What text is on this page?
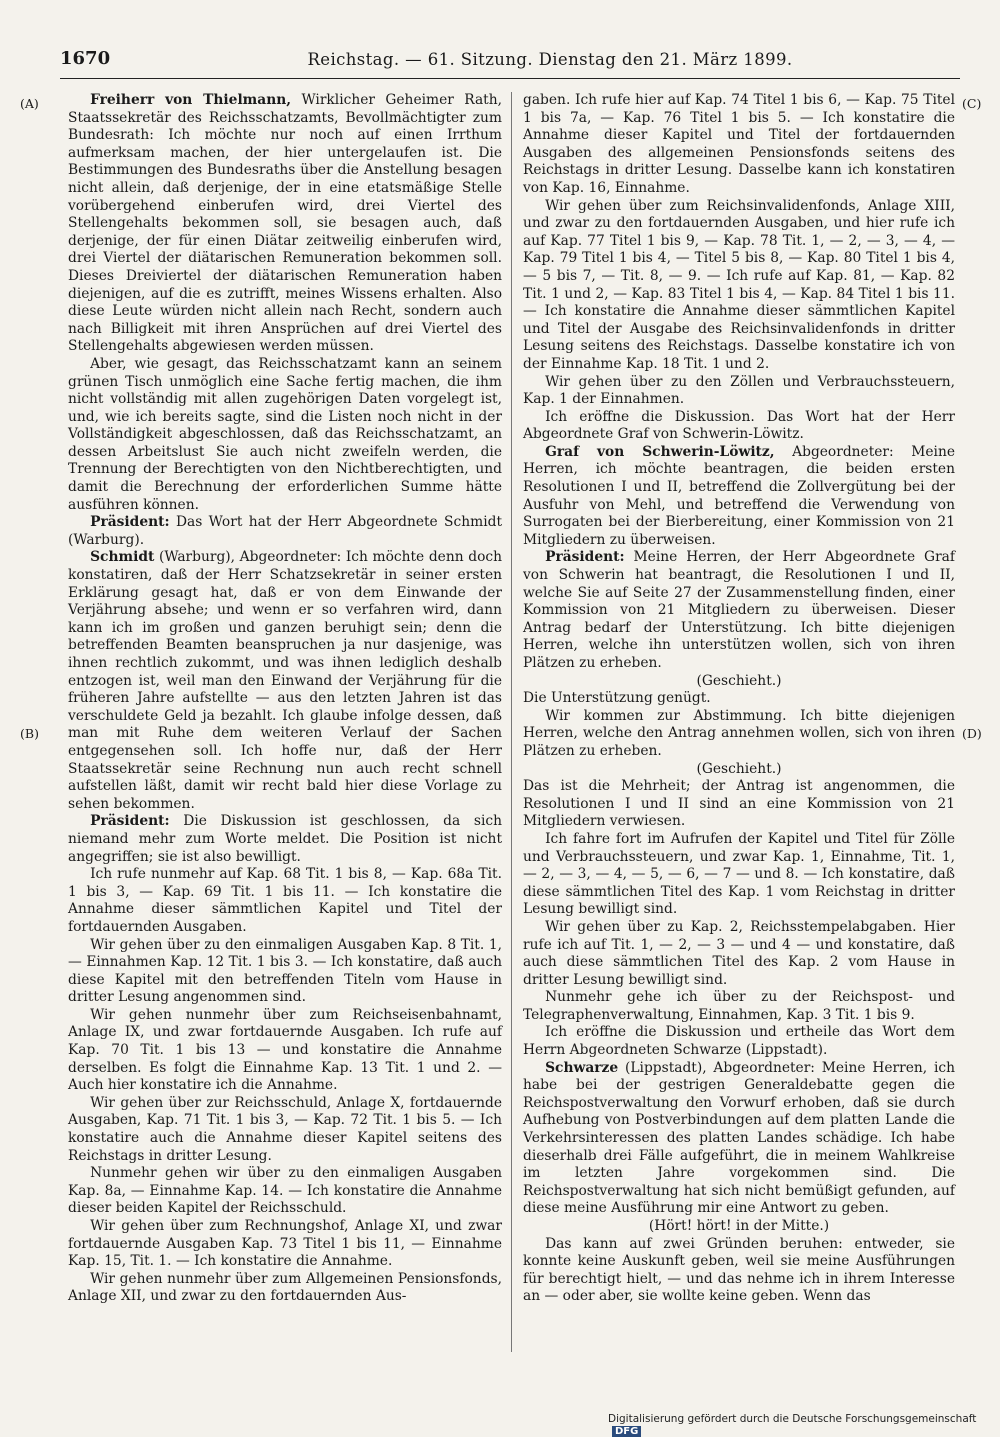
1670	Reichstag. — 61. Sitzung. Dienstag den 21. März 1899.
(A)
(B)
(C)
(D)

Freiherr von Thielmann, Wirklicher Geheimer Rath, Staatssekretär des Reichsschatzamts, Bevollmächtigter zum Bundesrath: Ich möchte nur noch auf einen Irrthum aufmerksam machen, der hier untergelaufen ist. Die Bestimmungen des Bundesraths über die Anstellung besagen nicht allein, daß derjenige, der in eine etatsmäßige Stelle vorübergehend einberufen wird, drei Viertel des Stellengehalts bekommen soll, sie besagen auch, daß derjenige, der für einen Diätar zeitweilig einberufen wird, drei Viertel der diätarischen Remuneration bekommen soll. Dieses Dreiviertel der diätarischen Remuneration haben diejenigen, auf die es zutrifft, meines Wissens erhalten. Also diese Leute würden nicht allein nach Recht, sondern auch nach Billigkeit mit ihren Ansprüchen auf drei Viertel des Stellengehalts abgewiesen werden müssen.

Aber, wie gesagt, das Reichsschatzamt kann an seinem grünen Tisch unmöglich eine Sache fertig machen, die ihm nicht vollständig mit allen zugehörigen Daten vorgelegt ist, und, wie ich bereits sagte, sind die Listen noch nicht in der Vollständigkeit abgeschlossen, daß das Reichsschatzamt, an dessen Arbeitslust Sie auch nicht zweifeln werden, die Trennung der Berechtigten von den Nichtberechtigten, und damit die Berechnung der erforderlichen Summe hätte ausführen können.

Präsident: Das Wort hat der Herr Abgeordnete Schmidt (Warburg).

Schmidt (Warburg), Abgeordneter: Ich möchte denn doch konstatiren, daß der Herr Schatzsekretär in seiner ersten Erklärung gesagt hat, daß er von dem Einwande der Verjährung absehe; und wenn er so verfahren wird, dann kann ich im großen und ganzen beruhigt sein; denn die betreffenden Beamten beanspruchen ja nur dasjenige, was ihnen rechtlich zukommt, und was ihnen lediglich deshalb entzogen ist, weil man den Einwand der Verjährung für die früheren Jahre aufstellte — aus den letzten Jahren ist das verschuldete Geld ja bezahlt. Ich glaube infolge dessen, daß man mit Ruhe dem weiteren Verlauf der Sachen entgegensehen soll. Ich hoffe nur, daß der Herr Staatssekretär seine Rechnung nun auch recht schnell aufstellen läßt, damit wir recht bald hier diese Vorlage zu sehen bekommen.

Präsident: Die Diskussion ist geschlossen, da sich niemand mehr zum Worte meldet. Die Position ist nicht angegriffen; sie ist also bewilligt.

Ich rufe nunmehr auf Kap. 68 Tit. 1 bis 8, — Kap. 68a Tit. 1 bis 3, — Kap. 69 Tit. 1 bis 11. — Ich konstatire die Annahme dieser sämmtlichen Kapitel und Titel der fortdauernden Ausgaben.

Wir gehen über zu den einmaligen Ausgaben Kap. 8 Tit. 1, — Einnahmen Kap. 12 Tit. 1 bis 3. — Ich konstatire, daß auch diese Kapitel mit den betreffenden Titeln vom Hause in dritter Lesung angenommen sind.

Wir gehen nunmehr über zum Reichseisenbahnamt, Anlage IX, und zwar fortdauernde Ausgaben. Ich rufe auf Kap. 70 Tit. 1 bis 13 — und konstatire die Annahme derselben. Es folgt die Einnahme Kap. 13 Tit. 1 und 2. — Auch hier konstatire ich die Annahme.

Wir gehen über zur Reichsschuld, Anlage X, fortdauernde Ausgaben, Kap. 71 Tit. 1 bis 3, — Kap. 72 Tit. 1 bis 5. — Ich konstatire auch die Annahme dieser Kapitel seitens des Reichstags in dritter Lesung.

Nunmehr gehen wir über zu den einmaligen Ausgaben Kap. 8a, — Einnahme Kap. 14. — Ich konstatire die Annahme dieser beiden Kapitel der Reichsschuld.

Wir gehen über zum Rechnungshof, Anlage XI, und zwar fortdauernde Ausgaben Kap. 73 Titel 1 bis 11, — Einnahme Kap. 15, Tit. 1. — Ich konstatire die Annahme.

Wir gehen nunmehr über zum Allgemeinen Pensionsfonds, Anlage XII, und zwar zu den fortdauernden Aus-

gaben. Ich rufe hier auf Kap. 74 Titel 1 bis 6, — Kap. 75 Titel 1 bis 7a, — Kap. 76 Titel 1 bis 5. — Ich konstatire die Annahme dieser Kapitel und Titel der fortdauernden Ausgaben des allgemeinen Pensionsfonds seitens des Reichstags in dritter Lesung. Dasselbe kann ich konstatiren von Kap. 16, Einnahme.

Wir gehen über zum Reichsinvalidenfonds, Anlage XIII, und zwar zu den fortdauernden Ausgaben, und hier rufe ich auf Kap. 77 Titel 1 bis 9, — Kap. 78 Tit. 1, — 2, — 3, — 4, — Kap. 79 Titel 1 bis 4, — Titel 5 bis 8, — Kap. 80 Titel 1 bis 4, — 5 bis 7, — Tit. 8, — 9. — Ich rufe auf Kap. 81, — Kap. 82 Tit. 1 und 2, — Kap. 83 Titel 1 bis 4, — Kap. 84 Titel 1 bis 11. — Ich konstatire die Annahme dieser sämmtlichen Kapitel und Titel der Ausgabe des Reichsinvalidenfonds in dritter Lesung seitens des Reichstags. Dasselbe konstatire ich von der Einnahme Kap. 18 Tit. 1 und 2.

Wir gehen über zu den Zöllen und Verbrauchssteuern, Kap. 1 der Einnahmen.

Ich eröffne die Diskussion. Das Wort hat der Herr Abgeordnete Graf von Schwerin-Löwitz.

Graf von Schwerin-Löwitz, Abgeordneter: Meine Herren, ich möchte beantragen, die beiden ersten Resolutionen I und II, betreffend die Zollvergütung bei der Ausfuhr von Mehl, und betreffend die Verwendung von Surrogaten bei der Bierbereitung, einer Kommission von 21 Mitgliedern zu überweisen.

Präsident: Meine Herren, der Herr Abgeordnete Graf von Schwerin hat beantragt, die Resolutionen I und II, welche Sie auf Seite 27 der Zusammenstellung finden, einer Kommission von 21 Mitgliedern zu überweisen. Dieser Antrag bedarf der Unterstützung. Ich bitte diejenigen Herren, welche ihn unterstützen wollen, sich von ihren Plätzen zu erheben.

(Geschieht.)

Die Unterstützung genügt.

Wir kommen zur Abstimmung. Ich bitte diejenigen Herren, welche den Antrag annehmen wollen, sich von ihren Plätzen zu erheben.

(Geschieht.)

Das ist die Mehrheit; der Antrag ist angenommen, die Resolutionen I und II sind an eine Kommission von 21 Mitgliedern verwiesen.

Ich fahre fort im Aufrufen der Kapitel und Titel für Zölle und Verbrauchssteuern, und zwar Kap. 1, Einnahme, Tit. 1, — 2, — 3, — 4, — 5, — 6, — 7 — und 8. — Ich konstatire, daß diese sämmtlichen Titel des Kap. 1 vom Reichstag in dritter Lesung bewilligt sind.

Wir gehen über zu Kap. 2, Reichsstempelabgaben. Hier rufe ich auf Tit. 1, — 2, — 3 — und 4 — und konstatire, daß auch diese sämmtlichen Titel des Kap. 2 vom Hause in dritter Lesung bewilligt sind.

Nunmehr gehe ich über zu der Reichspost- und Telegraphenverwaltung, Einnahmen, Kap. 3 Tit. 1 bis 9.

Ich eröffne die Diskussion und ertheile das Wort dem Herrn Abgeordneten Schwarze (Lippstadt).

Schwarze (Lippstadt), Abgeordneter: Meine Herren, ich habe bei der gestrigen Generaldebatte gegen die Reichspostverwaltung den Vorwurf erhoben, daß sie durch Aufhebung von Postverbindungen auf dem platten Lande die Verkehrsinteressen des platten Landes schädige. Ich habe dieserhalb drei Fälle aufgeführt, die in meinem Wahlkreise im letzten Jahre vorgekommen sind. Die Reichspostverwaltung hat sich nicht bemüßigt gefunden, auf diese meine Ausführung mir eine Antwort zu geben.

(Hört! hört! in der Mitte.)

Das kann auf zwei Gründen beruhen: entweder, sie konnte keine Auskunft geben, weil sie meine Ausführungen für berechtigt hielt, — und das nehme ich in ihrem Interesse an — oder aber, sie wollte keine geben. Wenn das

Digitalisierung gefördert durch die Deutsche Forschungsgemeinschaft DFG
